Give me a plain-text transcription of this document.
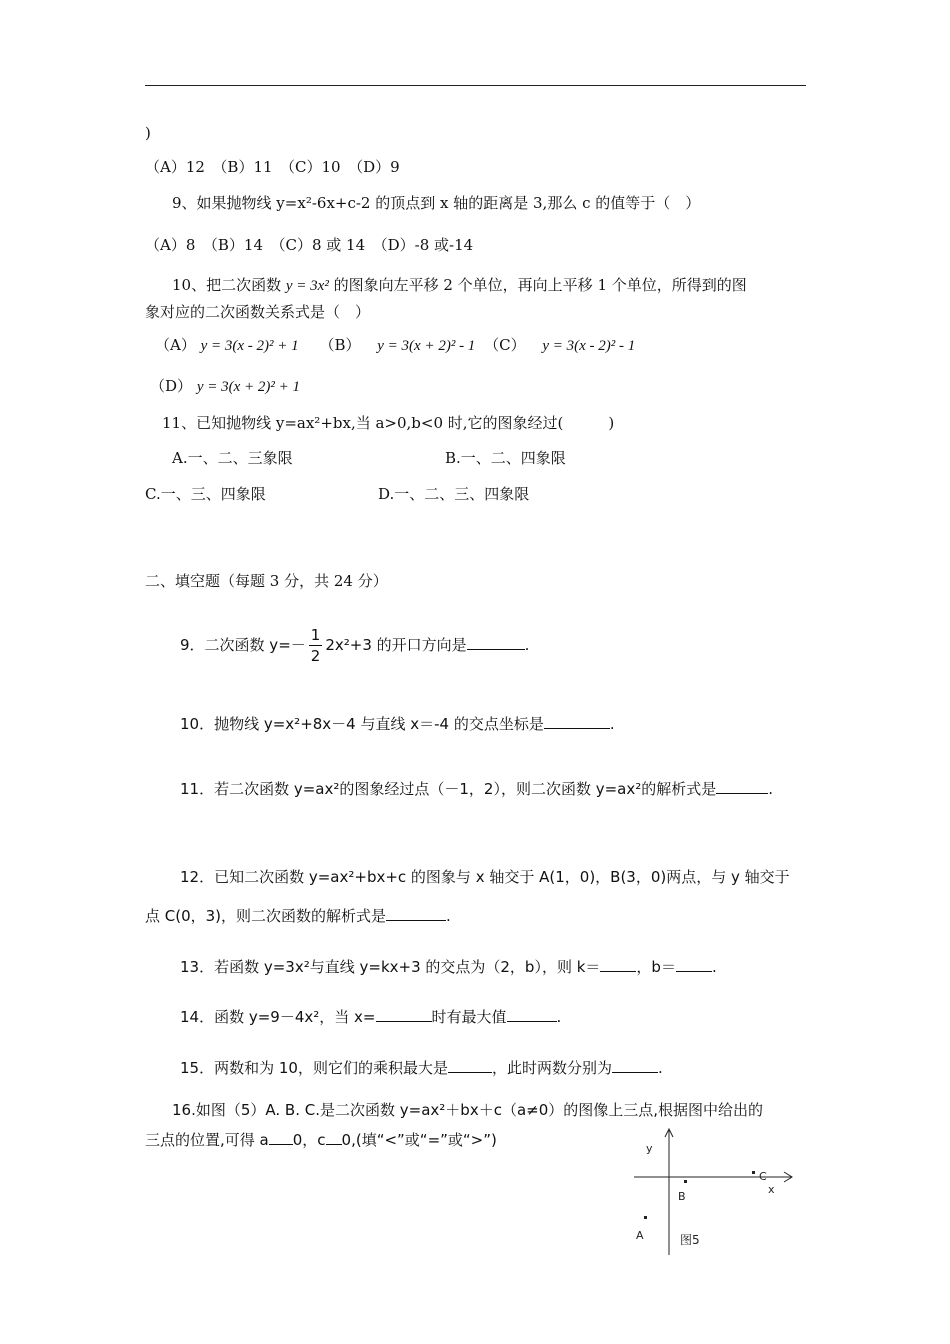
)
（A）12　（B）11　（C）10　（D）9
9、如果抛物线 y=x²-6x+c-2 的顶点到 x 轴的距离是 3,那么 c 的值等于（　）
（A）8　（B）14　（C）8 或 14　（D）-8 或-14
10、把二次函数 y = 3x² 的图象向左平移 2 个单位，再向上平移 1 个单位，所得到的图
象对应的二次函数关系式是（　）
（A） y = 3(x - 2)² + 1 （B） y = 3(x + 2)² - 1 （C） y = 3(x - 2)² - 1
（D） y = 3(x + 2)² + 1
11、已知抛物线 y=ax²+bx,当 a>0,b<0 时,它的图象经过(　　　)
A.一、二、三象限	B.一、二、四象限
C.一、三、四象限	D.一、二、三、四象限
二、填空题（每题 3 分，共 24 分）
9．二次函数 $y=- \frac{1}{2} 2x^2+3$ 的开口方向是	.
10．抛物线 y=x²+8x－4 与直线 x＝-4 的交点坐标是	.
11．若二次函数 y=ax²的图象经过点（－1，2），则二次函数 y=ax²的解析式是	.
12．已知二次函数 y=ax²+bx+c 的图象与 x 轴交于 A(1，0)，B(3，0)两点，与 y 轴交于
点 C(0，3)，则二次函数的解析式是	.
13．若函数 y=3x²与直线 y=kx+3 的交点为（2，b），则 k＝ ，b＝ .
14．函数 y=9－4x²，当 x=	时有最大值	.
15．两数和为 10，则它们的乘积最大是	，此时两数分别为	.
16.如图（5）A. B. C.是二次函数 y=ax²＋bx＋c（a≠0）的图像上三点,根据图中给出的
三点的位置,可得 a 0，c 0,(填“<”或“=”或“>”)	y
x
C
B
A	图5
